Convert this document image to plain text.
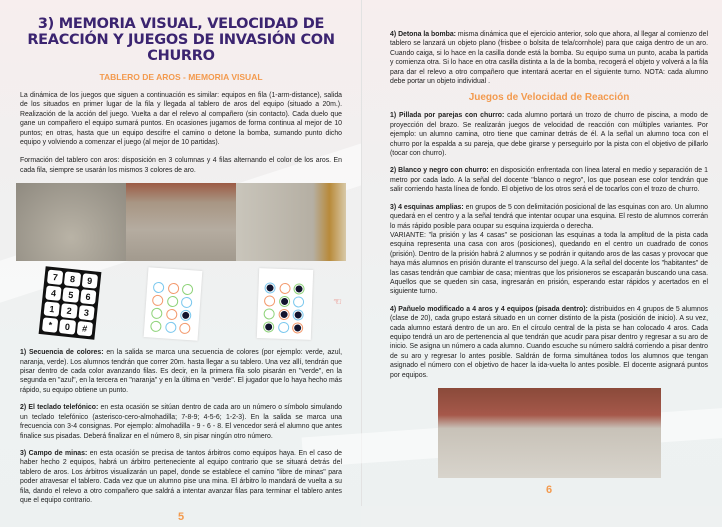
3) MEMORIA VISUAL, VELOCIDAD DE REACCIÓN Y JUEGOS DE INVASIÓN CON CHURRO
TABLERO DE AROS - MEMORIA VISUAL

La dinámica de los juegos que siguen a continuación es similar: equipos en fila (1-arm-distance), salida de los situados en primer lugar de la fila y llegada al tablero de aros del equipo (situado a 20m.). Realización de la acción del juego. Vuelta a dar el relevo al compañero (sin contacto). Cada duelo que gane un compañero el equipo sumará puntos. En ocasiones jugamos de forma continua al mejor de 10 puntos; en otras, hasta que un equipo descifre el camino o detone la bomba, sumando punto dicho equipo y volviendo a comenzar el juego (al mejor de 10 partidas).

Formación del tablero con aros: disposición en 3 columnas y 4 filas alternando el color de los aros. En cada fila, siempre se usarán los mismos 3 colores de aro.

7	8	9
4	5	6
1	2	3
*	0	#
☜

1) Secuencia de colores: en la salida se marca una secuencia de colores (por ejemplo: verde, azul, naranja, verde). Los alumnos tendrán que correr 20m. hasta llegar a su tablero. Una vez allí, tendrán que pisar dentro de cada color avanzando filas. Es decir, en la primera fila solo pisarán en "verde", en la segunda en "azul", en la tercera en "naranja" y en la última en "verde". El jugador que lo haya hecho más rápido, su equipo obtiene un punto.

2) El teclado telefónico: en esta ocasión se sitúan dentro de cada aro un número o símbolo simulando un teclado telefónico (asterisco-cero-almohadilla; 7-8-9; 4-5-6; 1-2-3). En la salida se marca una frecuencia con 3-4 consignas. Por ejemplo: almohadilla - 9 - 6 - 8. El vencedor será el alumno que antes finalice sus pisadas. Deberá finalizar en el número 8, sin pisar ningún otro número.

3) Campo de minas: en esta ocasión se precisa de tantos árbitros como equipos haya. En el caso de haber hecho 2 equipos, habrá un árbitro perteneciente al equipo contrario que se situará detrás del tablero de aros. Los árbitros visualizarán un papel, donde se establece el camino "libre de minas" para poder atravesar el tablero. Cada vez que un alumno pise una mina. El árbitro lo mandará de vuelta a su fila, dando el relevo a otro compañero que saldrá a intentar avanzar filas para terminar el tablero antes que el equipo contrario.

5

4) Detona la bomba: misma dinámica que el ejercicio anterior, solo que ahora, al llegar al comienzo del tablero se lanzará un objeto plano (frisbee o bolsita de tela/cornhole) para que caiga dentro de un aro. Cuando caiga, si lo hace en la casilla donde está la bomba. Su equipo suma un punto, acaba la partida y comienza otra. Si lo hace en otra casilla distinta a la de la bomba, recogerá el objeto y volverá a la fila para dar el relevo a otro compañero que intentará acertar en el siguiente turno. NOTA: cada alumno debe portar un objeto individual .

Juegos de Velocidad de Reacción

1) Pillada por parejas con churro: cada alumno portará un trozo de churro de piscina, a modo de proyección del brazo. Se realizarán juegos de velocidad de reacción con múltiples variantes. Por ejemplo: un alumno camina, otro tiene que caminar detrás de él. A la señal un alumno toca con el churro por la espalda a su pareja, que debe girarse y perseguirlo por la pista con el objetivo de pillarlo (tocar con churro).

2) Blanco y negro con churro: en disposición enfrentada con línea lateral en medio y separación de 1 metro por cada lado. A la señal del docente "blanco o negro", los que posean ese color tendrán que salir corriendo hasta línea de fondo. El objetivo de los otros será el de tocarlos con el trozo de churro.

3) 4 esquinas amplias: en grupos de 5 con delimitación posicional de las esquinas con aro. Un alumno quedará en el centro y a la señal tendrá que intentar ocupar una esquina. El resto de alumnos correrán lo más rápido posible para ocupar su esquina izquierda o derecha.
VARIANTE: "la prisión y las 4 casas" se posicionan las esquinas a toda la amplitud de la pista cada esquina representa una casa con aros (posiciones), quedando en el centro un cuadrado de conos (prisión). Dentro de la prisión habrá 2 alumnos y se podrán ir quitando aros de las casas y provocar que haya más alumnos en prisión durante el transcurso del juego. A la señal del docente los "habitantes" de las casas tendrán que cambiar de casa; mientras que los prisioneros se escaparán buscando una casa. Aquellos que se queden sin casa, ingresarán en prisión, esperando estar rápidos y acertados en el siguiente turno.

4) Pañuelo modificado a 4 aros y 4 equipos (pisada dentro): distribuidos en 4 grupos de 5 alumnos (clase de 20), cada grupo estará situado en un corner distinto de la pista (posición de inicio). A su vez, cada alumno estará dentro de un aro. En el círculo central de la pista se han colocado 4 aros. Cada equipo tendrá un aro de pertenencia al que tendrán que acudir para pisar dentro y regresar a su aro de inicio. Se asigna un número a cada alumno. Cuando escuche su número saldrá corriendo a pisar dentro de su aro y regresar lo antes posible. Saldrán de forma simultánea todos los alumnos que tengan asignado el número con el objetivo de hacer la ida-vuelta lo antes posible. El docente asignará puntos por equipos.

6
